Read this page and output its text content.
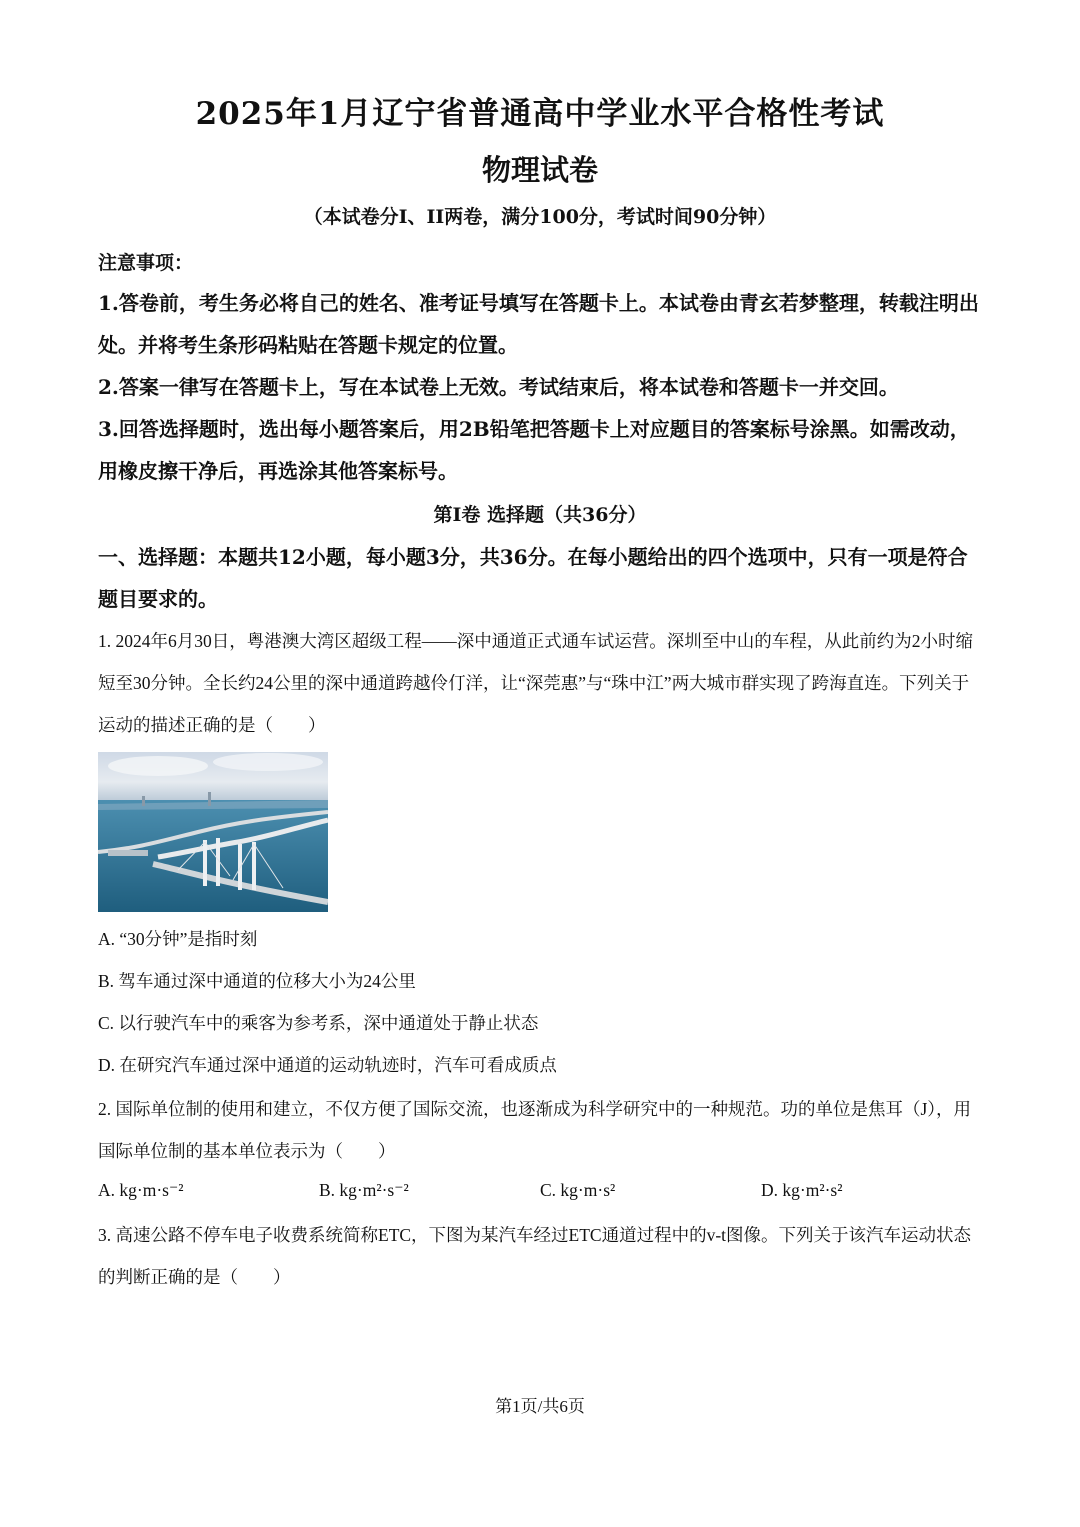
2025年1月辽宁省普通高中学业水平合格性考试
物理试卷
（本试卷分I、II两卷，满分100分，考试时间90分钟）
注意事项：
1.答卷前，考生务必将自己的姓名、准考证号填写在答题卡上。本试卷由青玄若梦整理，转载注明出处。并将考生条形码粘贴在答题卡规定的位置。
2.答案一律写在答题卡上，写在本试卷上无效。考试结束后，将本试卷和答题卡一并交回。
3.回答选择题时，选出每小题答案后，用2B铅笔把答题卡上对应题目的答案标号涂黑。如需改动，用橡皮擦干净后，再选涂其他答案标号。
第I卷 选择题（共36分）
一、选择题：本题共12小题，每小题3分，共36分。在每小题给出的四个选项中，只有一项是符合题目要求的。
1. 2024年6月30日，粤港澳大湾区超级工程——深中通道正式通车试运营。深圳至中山的车程，从此前约为2小时缩短至30分钟。全长约24公里的深中通道跨越伶仃洋，让“深莞惠”与“珠中江”两大城市群实现了跨海直连。下列关于运动的描述正确的是（　　）
A. “30分钟”是指时刻
B. 驾车通过深中通道的位移大小为24公里
C. 以行驶汽车中的乘客为参考系，深中通道处于静止状态
D. 在研究汽车通过深中通道的运动轨迹时，汽车可看成质点
2. 国际单位制的使用和建立，不仅方便了国际交流，也逐渐成为科学研究中的一种规范。功的单位是焦耳（J），用国际单位制的基本单位表示为（　　）
A. kg·m·s⁻²	B. kg·m²·s⁻²	C. kg·m·s²	D. kg·m²·s²
3. 高速公路不停车电子收费系统简称ETC，下图为某汽车经过ETC通道过程中的v-t图像。下列关于该汽车运动状态的判断正确的是（　　）
第1页/共6页
